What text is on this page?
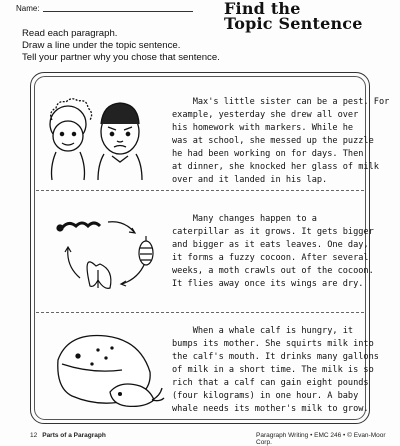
Name:	Find the
Topic Sentence
Read each paragraph.
Draw a line under the topic sentence.
Tell your partner why you chose that sentence.
Max's little sister can be a pest. For
example, yesterday she drew all over
his homework with markers. While he
was at school, she messed up the puzzle
he had been working on for days. Then
at dinner, she knocked her glass of milk
over and it landed in his lap.
Many changes happen to a
caterpillar as it grows. It gets bigger
and bigger as it eats leaves. One day,
it forms a fuzzy cocoon. After several
weeks, a moth crawls out of the cocoon.
It flies away once its wings are dry.
When a whale calf is hungry, it
bumps its mother. She squirts milk into
the calf's mouth. It drinks many gallons
of milk in a short time. The milk is so
rich that a calf can gain eight pounds
(four kilograms) in one hour. A baby
whale needs its mother's milk to grow.
12 Parts of a Paragraph	Paragraph Writing • EMC 246 • © Evan-Moor Corp.
